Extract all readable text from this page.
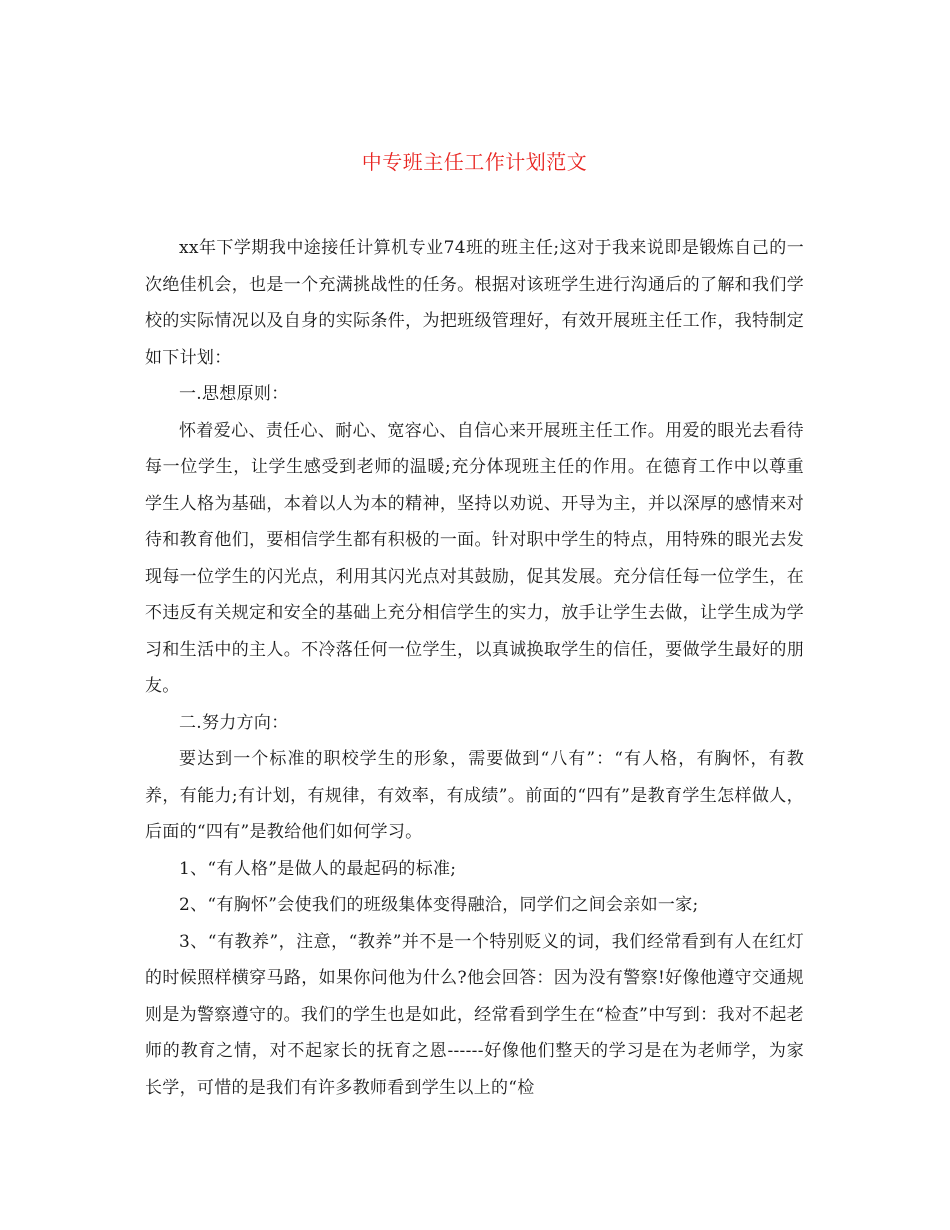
中专班主任工作计划范文

xx年下学期我中途接任计算机专业74班的班主任;这对于我来说即是锻炼自己的一次绝佳机会，也是一个充满挑战性的任务。根据对该班学生进行沟通后的了解和我们学校的实际情况以及自身的实际条件，为把班级管理好，有效开展班主任工作，我特制定如下计划：

一.思想原则：

怀着爱心、责任心、耐心、宽容心、自信心来开展班主任工作。用爱的眼光去看待每一位学生，让学生感受到老师的温暖;充分体现班主任的作用。在德育工作中以尊重学生人格为基础，本着以人为本的精神，坚持以劝说、开导为主，并以深厚的感情来对待和教育他们，要相信学生都有积极的一面。针对职中学生的特点，用特殊的眼光去发现每一位学生的闪光点，利用其闪光点对其鼓励，促其发展。充分信任每一位学生，在不违反有关规定和安全的基础上充分相信学生的实力，放手让学生去做，让学生成为学习和生活中的主人。不冷落任何一位学生，以真诚换取学生的信任，要做学生最好的朋友。

二.努力方向：

要达到一个标准的职校学生的形象，需要做到“八有”：“有人格，有胸怀，有教养，有能力;有计划，有规律，有效率，有成绩”。前面的“四有”是教育学生怎样做人，后面的“四有”是教给他们如何学习。

1、“有人格”是做人的最起码的标准;

2、“有胸怀”会使我们的班级集体变得融洽，同学们之间会亲如一家;

3、“有教养”，注意，“教养”并不是一个特别贬义的词，我们经常看到有人在红灯的时候照样横穿马路，如果你问他为什么?他会回答：因为没有警察!好像他遵守交通规则是为警察遵守的。我们的学生也是如此，经常看到学生在“检查”中写到：我对不起老师的教育之情，对不起家长的抚育之恩------好像他们整天的学习是在为老师学，为家长学，可惜的是我们有许多教师看到学生以上的“检
